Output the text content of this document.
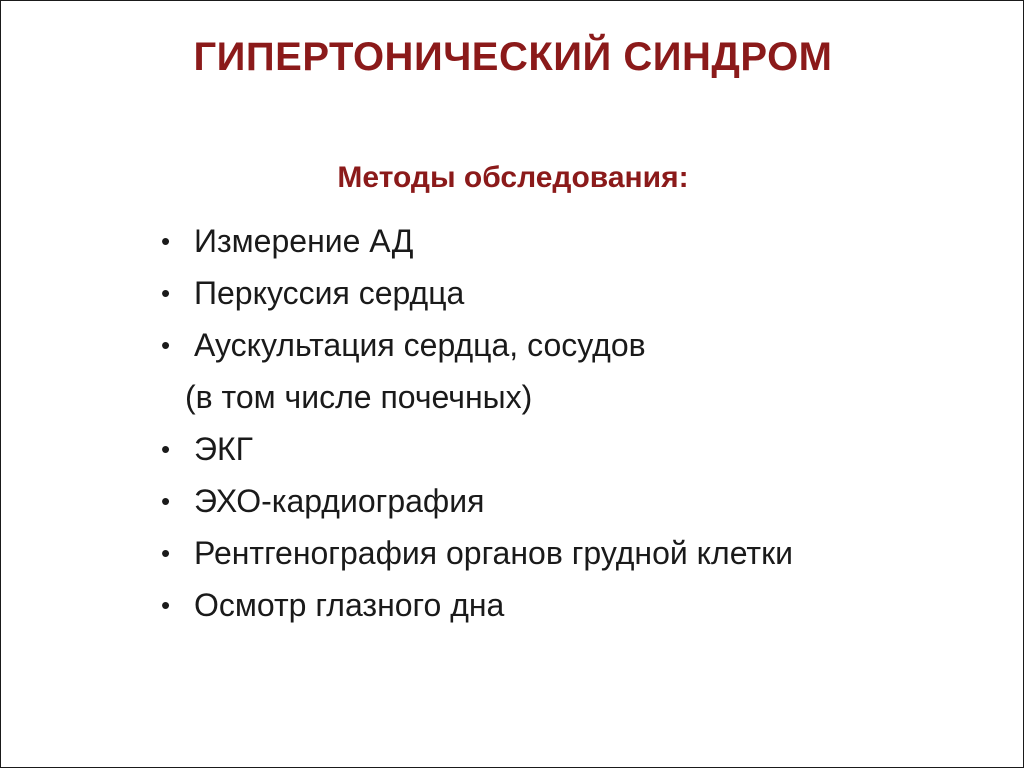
ГИПЕРТОНИЧЕСКИЙ СИНДРОМ
Методы обследования:
• Измерение АД
• Перкуссия сердца
• Аускультация сердца, сосудов
(в том числе почечных)
• ЭКГ
• ЭХО-кардиография
• Рентгенография органов грудной клетки
• Осмотр глазного дна
